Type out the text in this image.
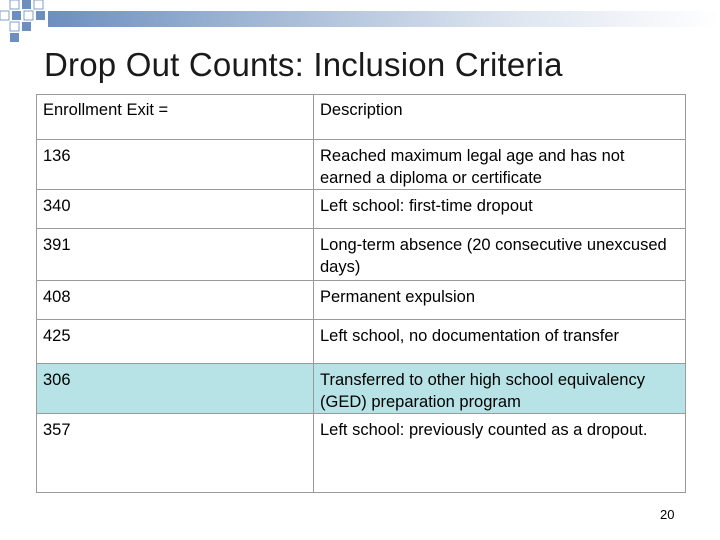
Drop Out Counts: Inclusion Criteria
Enrollment Exit =	Description
136	Reached maximum legal age and has not earned a diploma or certificate
340	Left school: first-time dropout
391	Long-term absence (20 consecutive unexcused days)
408	Permanent expulsion
425	Left school, no documentation of transfer
306	Transferred to other high school equivalency (GED) preparation program
357	Left school: previously counted as a dropout.
20
